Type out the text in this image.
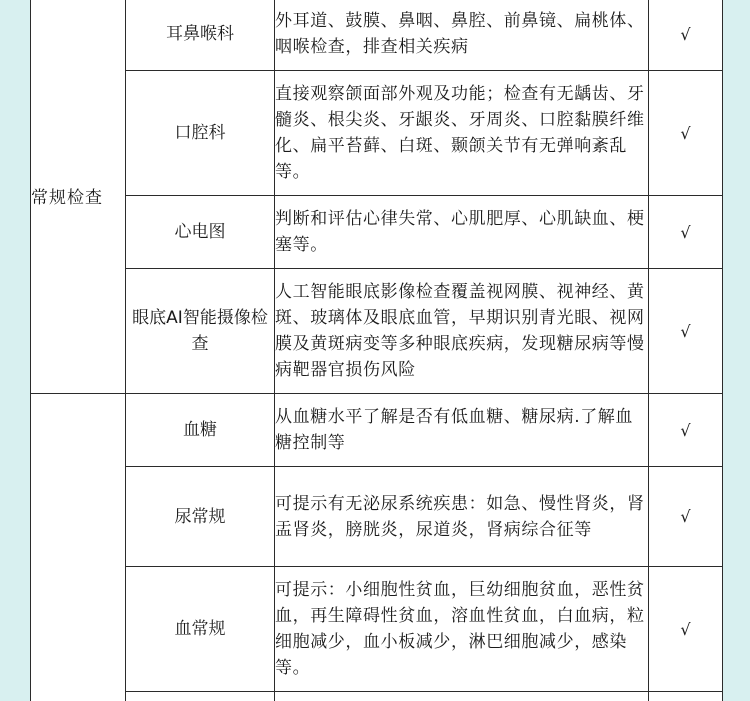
常规检查	耳鼻喉科	外耳道、鼓膜、鼻咽、鼻腔、前鼻镜、扁桃体、咽喉检查，排查相关疾病	√
	口腔科	直接观察颌面部外观及功能；检查有无龋齿、牙髓炎、根尖炎、牙龈炎、牙周炎、口腔黏膜纤维化、扁平苔藓、白斑、颞颌关节有无弹响紊乱等。	√
	心电图	判断和评估心律失常、心肌肥厚、心肌缺血、梗塞等。	√
	眼底AI智能摄像检查	人工智能眼底影像检查覆盖视网膜、视神经、黄斑、玻璃体及眼底血管，早期识别青光眼、视网膜及黄斑病变等多种眼底疾病，发现糖尿病等慢病靶器官损伤风险	√
	血糖	从血糖水平了解是否有低血糖、糖尿病.了解血糖控制等	√
	尿常规	可提示有无泌尿系统疾患：如急、慢性肾炎，肾盂肾炎，膀胱炎，尿道炎，肾病综合征等	√
	血常规	可提示：小细胞性贫血，巨幼细胞贫血，恶性贫血，再生障碍性贫血，溶血性贫血，白血病，粒细胞减少，血小板减少，淋巴细胞减少，感染等。	√
